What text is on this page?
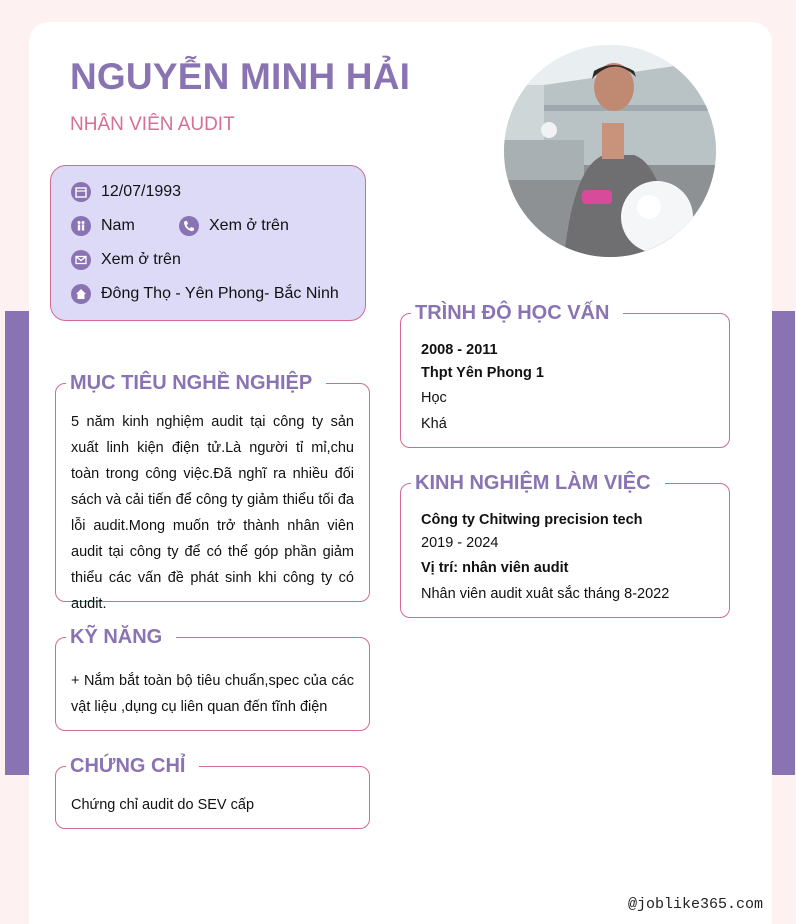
NGUYỄN MINH HẢI
NHÂN VIÊN AUDIT
12/07/1993
Nam	Xem ở trên
Xem ở trên
Đông Thọ - Yên Phong- Bắc Ninh
MỤC TIÊU NGHỀ NGHIỆP
5 năm kinh nghiệm audit tại công ty sản xuất linh kiện điện tử.Là người tỉ mỉ,chu toàn trong công việc.Đã nghĩ ra nhiều đối sách và cải tiến để công ty giảm thiểu tối đa lỗi audit.Mong muốn trở thành nhân viên audit tại công ty để có thể góp phần giảm thiểu các vấn đề phát sinh khi công ty có audit.
KỸ NĂNG
+ Nắm bắt toàn bộ tiêu chuẩn,spec của các vật liệu ,dụng cụ liên quan đến tĩnh điện
CHỨNG CHỈ
Chứng chỉ audit do SEV cấp
TRÌNH ĐỘ HỌC VẤN
2008 - 2011
Thpt Yên Phong 1
Học
Khá
KINH NGHIỆM LÀM VIỆC
Công ty Chitwing precision tech
2019 - 2024
Vị trí: nhân viên audit
Nhân viên audit xuât sắc tháng 8-2022
@joblike365.com
